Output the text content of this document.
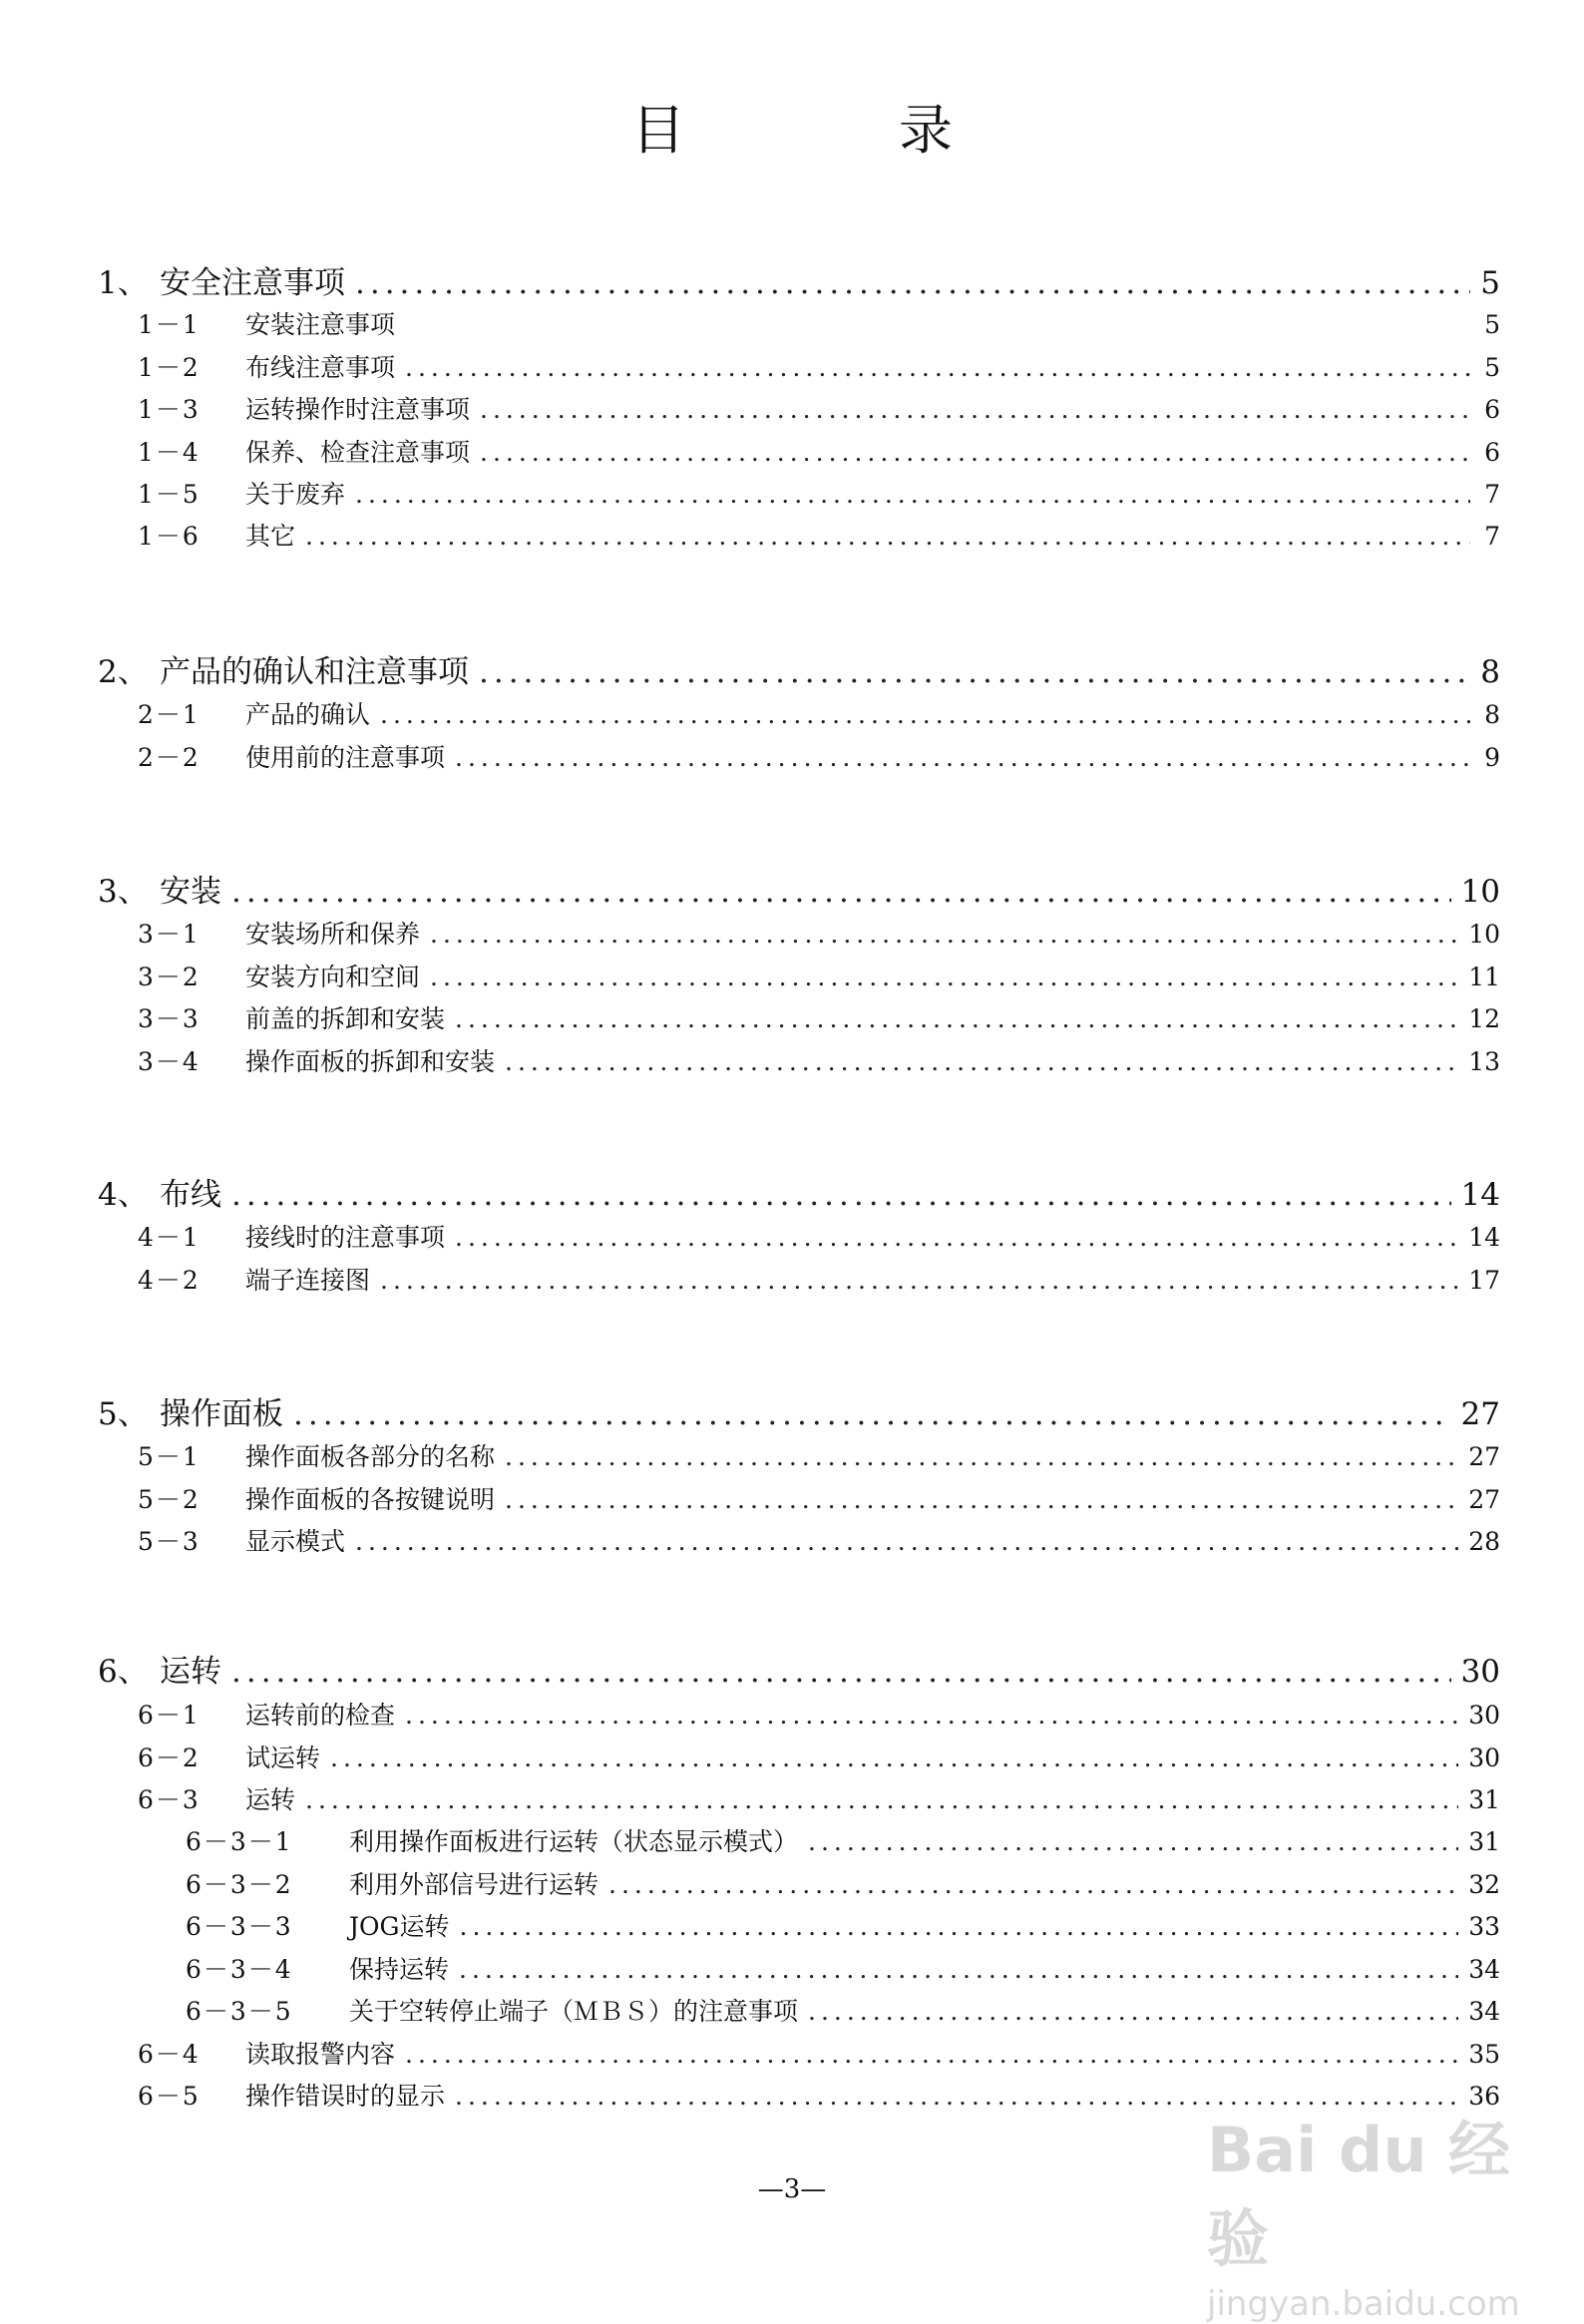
目　录
1、 安全注意事项 .....	5
1－1	安装注意事项	5
1－2	布线注意事项 .....	5
1－3	运转操作时注意事项 .....	6
1－4	保养、检查注意事项 .....	6
1－5	关于废弃 .....	7
1－6	其它 .....	7
2、 产品的确认和注意事项 .....	8
2－1	产品的确认 .....	8
2－2	使用前的注意事项 .....	9
3、 安装 .....	10
3－1	安装场所和保养 .....	10
3－2	安装方向和空间 .....	11
3－3	前盖的拆卸和安装 .....	12
3－4	操作面板的拆卸和安装 .....	13
4、 布线 .....	14
4－1	接线时的注意事项 .....	14
4－2	端子连接图 .....	17
5、 操作面板 .....	27
5－1	操作面板各部分的名称 .....	27
5－2	操作面板的各按键说明 .....	27
5－3	显示模式 .....	28
6、 运转 .....	30
6－1	运转前的检查 .....	30
6－2	试运转 .....	30
6－3	运转 .....	31
6－3－1	利用操作面板进行运转（状态显示模式） .....	31
6－3－2	利用外部信号进行运转 .....	32
6－3－3	JOG运转 .....	33
6－3－4	保持运转 .....	34
6－3－5	关于空转停止端子（ＭＢＳ）的注意事项 .....	34
6－4	读取报警内容 .....	35
6－5	操作错误时的显示 .....	36
—3—
Bai du 经验
jingyan.baidu.com
